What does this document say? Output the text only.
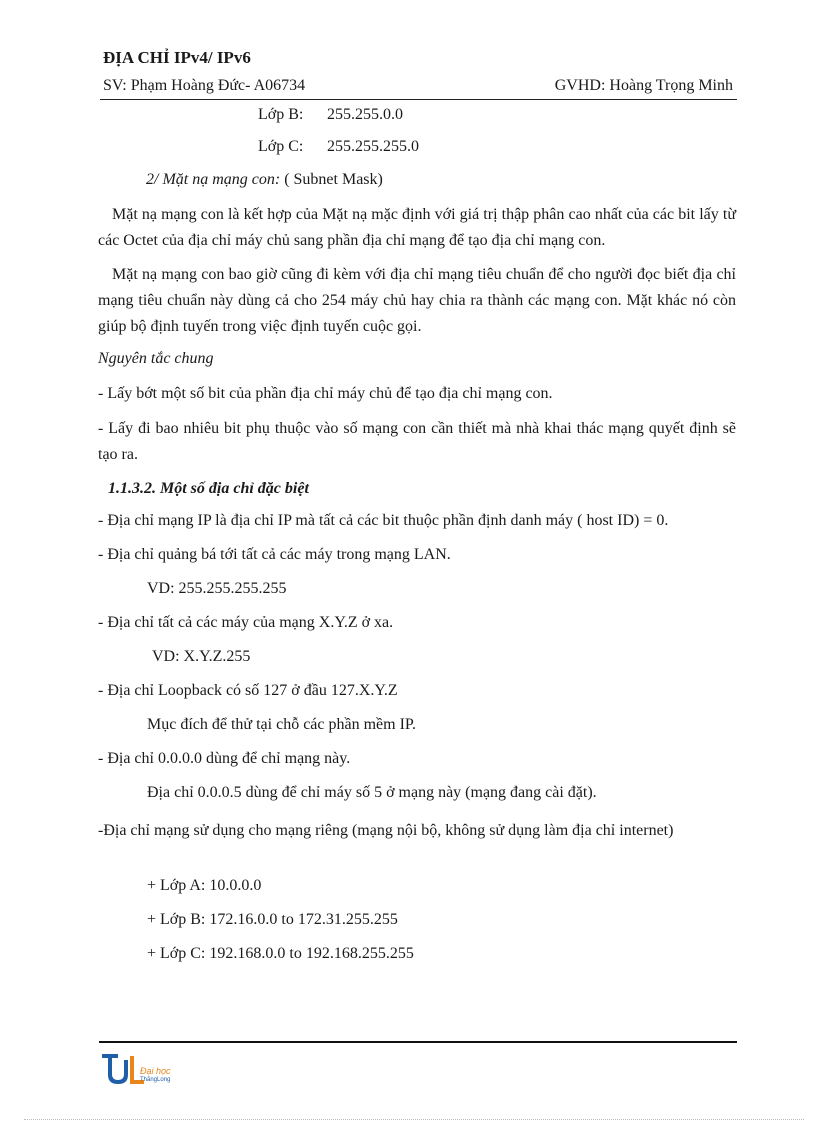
ĐỊA CHỈ IPv4/ IPv6
SV: Phạm Hoàng Đức- A06734	GVHD: Hoàng Trọng Minh

Lớp B: 255.255.0.0

Lớp C: 255.255.255.0

2/ Mặt nạ mạng con: ( Subnet Mask)

Mặt nạ mạng con là kết hợp của Mặt nạ mặc định với giá trị thập phân cao nhất của các bit lấy từ các Octet của địa chỉ máy chủ sang phần địa chỉ mạng để tạo địa chỉ mạng con.

Mặt nạ mạng con bao giờ cũng đi kèm với địa chỉ mạng tiêu chuẩn để cho người đọc biết địa chỉ mạng tiêu chuẩn này dùng cả cho 254 máy chủ hay chia ra thành các mạng con. Mặt khác nó còn giúp bộ định tuyến trong việc định tuyến cuộc gọi.

Nguyên tắc chung

- Lấy bớt một số bit của phần địa chỉ máy chủ để tạo địa chỉ mạng con.

- Lấy đi bao nhiêu bit phụ thuộc vào số mạng con cần thiết mà nhà khai thác mạng quyết định sẽ tạo ra.

1.1.3.2. Một số địa chỉ đặc biệt

- Địa chỉ mạng IP là địa chỉ IP mà tất cả các bit thuộc phần định danh máy ( host ID) = 0.

- Địa chỉ quảng bá tới tất cả các máy trong mạng LAN.

VD: 255.255.255.255

- Địa chỉ tất cả các máy của mạng X.Y.Z ở xa.

VD: X.Y.Z.255

- Địa chỉ Loopback có số 127 ở đầu 127.X.Y.Z

Mục đích để thử tại chỗ các phần mềm IP.

- Địa chỉ 0.0.0.0 dùng để chỉ mạng này.

Địa chỉ 0.0.0.5 dùng để chỉ máy số 5 ở mạng này (mạng đang cài đặt).

-Địa chỉ mạng sử dụng cho mạng riêng (mạng nội bộ, không sử dụng làm địa chỉ internet)

+ Lớp A: 10.0.0.0

+ Lớp B: 172.16.0.0 to 172.31.255.255

+ Lớp C: 192.168.0.0 to 192.168.255.255

Đại học
ThăngLong
